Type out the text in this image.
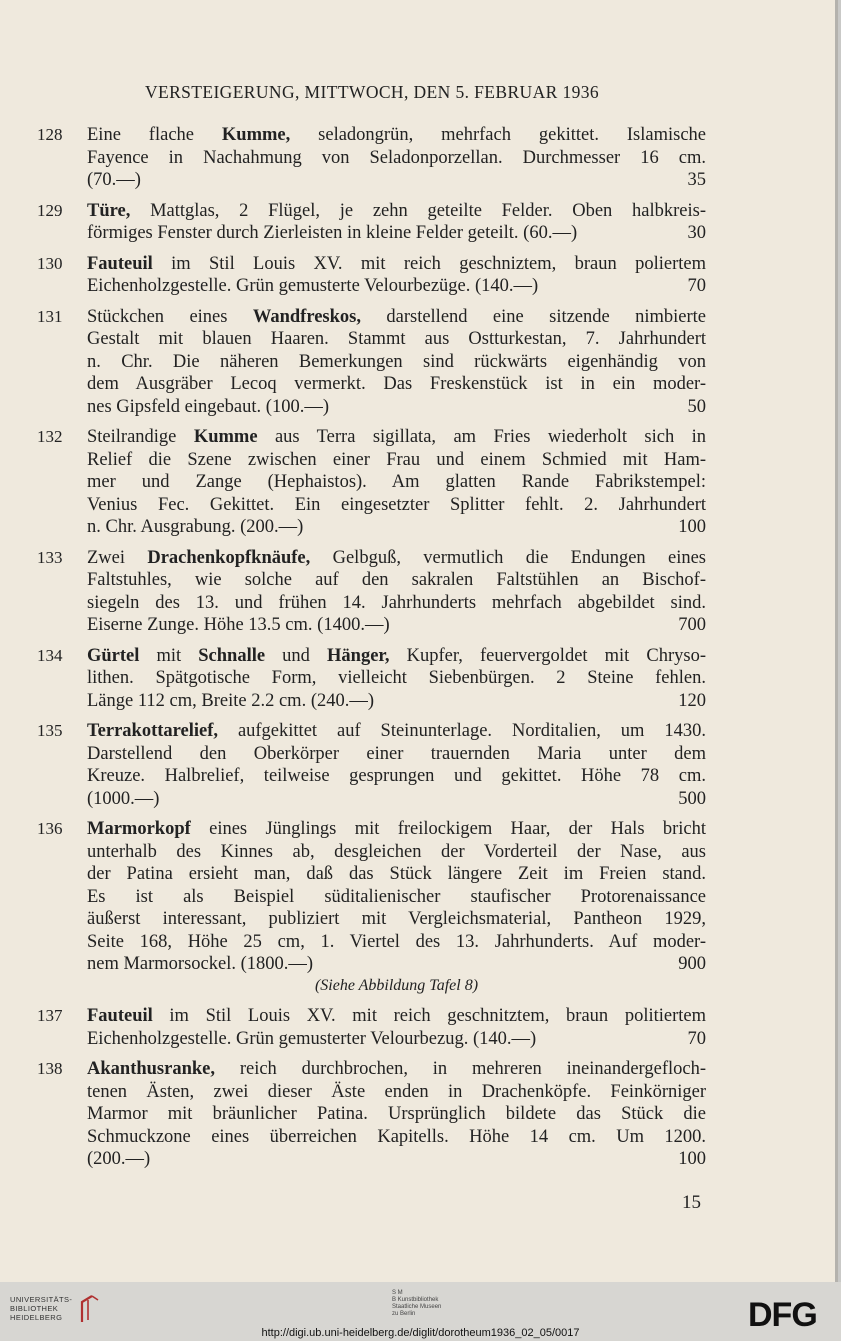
VERSTEIGERUNG, MITTWOCH, DEN 5. FEBRUAR 1936
128	Eine flache Kumme, seladongrün, mehrfach gekittet. Islamische
Fayence in Nachahmung von Seladonporzellan. Durchmesser 16 cm.
(70.—)	35
129	Türe, Mattglas, 2 Flügel, je zehn geteilte Felder. Oben halbkreis-
förmiges Fenster durch Zierleisten in kleine Felder geteilt. (60.—)	30
130	Fauteuil im Stil Louis XV. mit reich geschniztem, braun poliertem
Eichenholzgestelle. Grün gemusterte Velourbezüge. (140.—)	70
131	Stückchen eines Wandfreskos, darstellend eine sitzende nimbierte
Gestalt mit blauen Haaren. Stammt aus Ostturkestan, 7. Jahrhundert
n. Chr. Die näheren Bemerkungen sind rückwärts eigenhändig von
dem Ausgräber Lecoq vermerkt. Das Freskenstück ist in ein moder-
nes Gipsfeld eingebaut. (100.—)	50
132	Steilrandige Kumme aus Terra sigillata, am Fries wiederholt sich in
Relief die Szene zwischen einer Frau und einem Schmied mit Ham-
mer und Zange (Hephaistos). Am glatten Rande Fabrikstempel:
Venius Fec. Gekittet. Ein eingesetzter Splitter fehlt. 2. Jahrhundert
n. Chr. Ausgrabung. (200.—)	100
133	Zwei Drachenkopfknäufe, Gelbguß, vermutlich die Endungen eines
Faltstuhles, wie solche auf den sakralen Faltstühlen an Bischof-
siegeln des 13. und frühen 14. Jahrhunderts mehrfach abgebildet sind.
Eiserne Zunge. Höhe 13.5 cm. (1400.—)	700
134	Gürtel mit Schnalle und Hänger, Kupfer, feuervergoldet mit Chryso-
lithen. Spätgotische Form, vielleicht Siebenbürgen. 2 Steine fehlen.
Länge 112 cm, Breite 2.2 cm. (240.—)	120
135	Terrakottarelief, aufgekittet auf Steinunterlage. Norditalien, um 1430.
Darstellend den Oberkörper einer trauernden Maria unter dem
Kreuze. Halbrelief, teilweise gesprungen und gekittet. Höhe 78 cm.
(1000.—)	500
136	Marmorkopf eines Jünglings mit freilockigem Haar, der Hals bricht
unterhalb des Kinnes ab, desgleichen der Vorderteil der Nase, aus
der Patina ersieht man, daß das Stück längere Zeit im Freien stand.
Es ist als Beispiel süditalienischer staufischer Protorenaissance
äußerst interessant, publiziert mit Vergleichsmaterial, Pantheon 1929,
Seite 168, Höhe 25 cm, 1. Viertel des 13. Jahrhunderts. Auf moder-
nem Marmorsockel. (1800.—)	900
(Siehe Abbildung Tafel 8)
137	Fauteuil im Stil Louis XV. mit reich geschnitztem, braun politiertem
Eichenholzgestelle. Grün gemusterter Velourbezug. (140.—)	70
138	Akanthusranke, reich durchbrochen, in mehreren ineinandergefloch-
tenen Ästen, zwei dieser Äste enden in Drachenköpfe. Feinkörniger
Marmor mit bräunlicher Patina. Ursprünglich bildete das Stück die
Schmuckzone eines überreichen Kapitells. Höhe 14 cm. Um 1200.
(200.—)	100
15
UNIVERSITÄTS-
BIBLIOTHEK
HEIDELBERG
S M
B Kunstbibliothek
Staatliche Museen
zu Berlin	DFG
http://digi.ub.uni-heidelberg.de/diglit/dorotheum1936_02_05/0017
